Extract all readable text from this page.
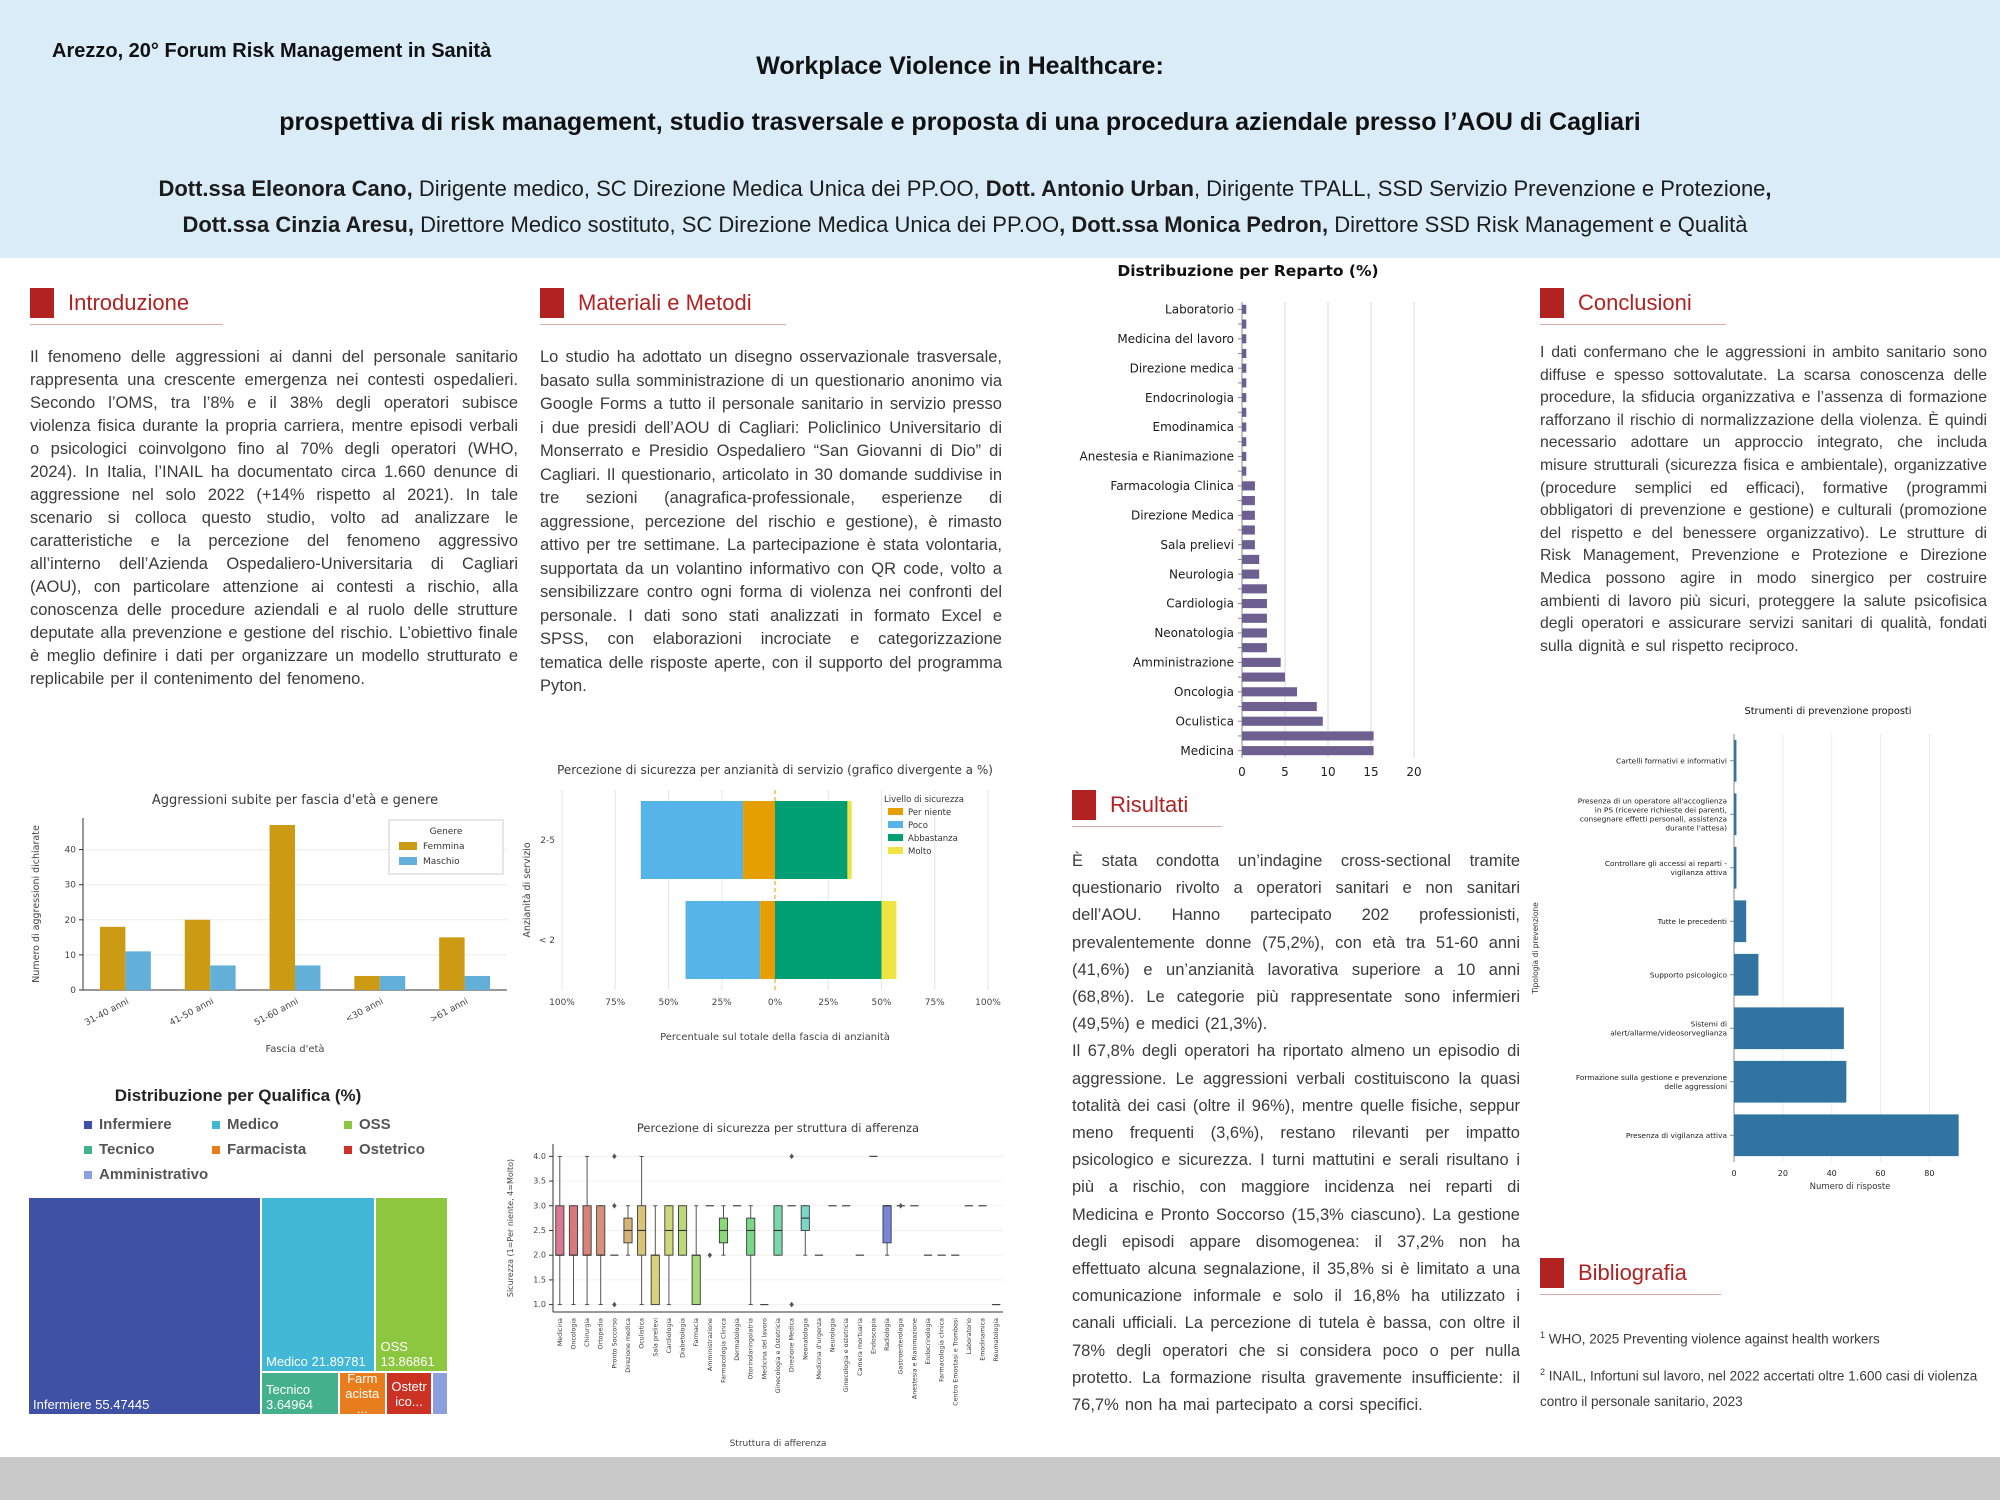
Arezzo, 20° Forum Risk Management in Sanità
Workplace Violence in Healthcare:
prospettiva di risk management, studio trasversale e proposta di una procedura aziendale presso l’AOU di Cagliari
Dott.ssa Eleonora Cano, Dirigente medico, SC Direzione Medica Unica dei PP.OO, Dott. Antonio Urban, Dirigente TPALL, SSD Servizio Prevenzione e Protezione,
Dott.ssa Cinzia Aresu, Direttore Medico sostituto, SC Direzione Medica Unica dei PP.OO, Dott.ssa Monica Pedron, Direttore SSD Risk Management e Qualità
Introduzione

Il fenomeno delle aggressioni ai danni del personale sanitario rappresenta una crescente emergenza nei contesti ospedalieri. Secondo l’OMS, tra l’8% e il 38% degli operatori subisce violenza fisica durante la propria carriera, mentre episodi verbali o psicologici coinvolgono fino al 70% degli operatori (WHO, 2024). In Italia, l’INAIL ha documentato circa 1.660 denunce di aggressione nel solo 2022 (+14% rispetto al 2021). In tale scenario si colloca questo studio, volto ad analizzare le caratteristiche e la percezione del fenomeno aggressivo all’interno dell’Azienda Ospedaliero-Universitaria di Cagliari (AOU), con particolare attenzione ai contesti a rischio, alla conoscenza delle procedure aziendali e al ruolo delle strutture deputate alla prevenzione e gestione del rischio. L’obiettivo finale è meglio definire i dati per organizzare un modello strutturato e replicabile per il contenimento del fenomeno.

0
10
20
30
40
31-40 anni	41-50 anni	51-60 anni	<30 anni	>61 anni
Aggressioni subite per fascia d'età e genere
Fascia d'età
Numero di aggressioni dichiarate	Genere
Femmina
Maschio
Distribuzione per Qualifica (%)
Infermiere	Medico	OSS
Tecnico	Farmacista	Ostetrico
Amministrativo
Infermiere 55.47445
Medico 21.89781
OSS 13.86861
Tecnico 3.64964
Farmacista...
Ostetrico...
Materiali e Metodi

Lo studio ha adottato un disegno osservazionale trasversale, basato sulla somministrazione di un questionario anonimo via Google Forms a tutto il personale sanitario in servizio presso i due presidi dell’AOU di Cagliari: Policlinico Universitario di Monserrato e Presidio Ospedaliero “San Giovanni di Dio” di Cagliari. Il questionario, articolato in 30 domande suddivise in tre sezioni (anagrafica-professionale, esperienze di aggressione, percezione del rischio e gestione), è rimasto attivo per tre settimane. La partecipazione è stata volontaria, supportata da un volantino informativo con QR code, volto a sensibilizzare contro ogni forma di violenza nei confronti del personale. I dati sono stati analizzati in formato Excel e SPSS, con elaborazioni incrociate e categorizzazione tematica delle risposte aperte, con il supporto del programma Pyton.

100%	75%	50%	25%	0%	25%	50%	75%	100%
2-5
< 2
Percezione di sicurezza per anzianità di servizio (grafico divergente a %)
Percentuale sul totale della fascia di anzianità
Anzianità di servizio
Livello di sicurezza
Per niente
Poco
Abbastanza
Molto
1.0
1.5
2.0
2.5
3.0
3.5
4.0
Medicina Oncologia Chirurgia Ortopedia Pronto Soccorso Direzione medica Oculistica Sala prelievi Cardiologia Diabetologia Farmacia Amministrazione Farmacologia Clinica Dermatologia Otorinolaringoiatria Medicina del lavoro Ginecologia e Ostetricia Direzione Medica Neonatologia Medicina d'urgenza Neurologia Ginecologia e ostetricia Camera mortuaria Endoscopia Radiologia Gastroenterologia Anestesia e Rianimazione Endocrinologia Farmacologia clinica Centro Emostasi e Trombosi Laboratorio Emodinamica Reumatologia
Percezione di sicurezza per struttura di afferenza
Struttura di afferenza
Sicurezza (1=Per niente, 4=Molto)
0	5	10 15 20
Laboratorio
Medicina del lavoro
Direzione medica
Endocrinologia
Emodinamica
Anestesia e Rianimazione
Farmacologia Clinica
Direzione Medica
Sala prelievi
Neurologia
Cardiologia
Neonatologia
Amministrazione
Oncologia
Oculistica
Medicina
Distribuzione per Reparto (%)
Risultati

È stata condotta un’indagine cross-sectional tramite questionario rivolto a operatori sanitari e non sanitari dell’AOU. Hanno partecipato 202 professionisti, prevalentemente donne (75,2%), con età tra 51-60 anni (41,6%) e un’anzianità lavorativa superiore a 10 anni (68,8%). Le categorie più rappresentate sono infermieri (49,5%) e medici (21,3%).

Il 67,8% degli operatori ha riportato almeno un episodio di aggressione. Le aggressioni verbali costituiscono la quasi totalità dei casi (oltre il 96%), mentre quelle fisiche, seppur meno frequenti (3,6%), restano rilevanti per impatto psicologico e sicurezza. I turni mattutini e serali risultano i più a rischio, con maggiore incidenza nei reparti di Medicina e Pronto Soccorso (15,3% ciascuno). La gestione degli episodi appare disomogenea: il 37,2% non ha effettuato alcuna segnalazione, il 35,8% si è limitato a una comunicazione informale e solo il 16,8% ha utilizzato i canali ufficiali. La percezione di tutela è bassa, con oltre il 78% degli operatori che si considera poco o per nulla protetto. La formazione risulta gravemente insufficiente: il 76,7% non ha mai partecipato a corsi specifici.

Conclusioni

I dati confermano che le aggressioni in ambito sanitario sono diffuse e spesso sottovalutate. La scarsa conoscenza delle procedure, la sfiducia organizzativa e l’assenza di formazione rafforzano il rischio di normalizzazione della violenza. È quindi necessario adottare un approccio integrato, che includa misure strutturali (sicurezza fisica e ambientale), organizzative (procedure semplici ed efficaci), formative (programmi obbligatori di prevenzione e gestione) e culturali (promozione del rispetto e del benessere organizzativo). Le strutture di Risk Management, Prevenzione e Protezione e Direzione Medica possono agire in modo sinergico per costruire ambienti di lavoro più sicuri, proteggere la salute psicofisica degli operatori e assicurare servizi sanitari di qualità, fondati sulla dignità e sul rispetto reciproco.

0	20	40	60	80
Cartelli formativi e informativi
Presenza di un operatore all'accoglienza
in PS (ricevere richieste dei parenti,
consegnare effetti personali, assistenza
durante l'attesa)
Controllare gli accessi ai reparti -
vigilanza attiva
Tutte le precedenti
Supporto psicologico
Sistemi di
alert/allarme/videosorveglianza
Formazione sulla gestione e prevenzione
delle aggressioni
Presenza di vigilanza attiva
Strumenti di prevenzione proposti
Numero di risposte
Tipologia di prevenzione
Bibliografia

$^1$ WHO, 2025 Preventing violence against health workers

$^2$ INAIL, Infortuni sul lavoro, nel 2022 accertati oltre 1.600 casi di violenza contro il personale sanitario, 2023
